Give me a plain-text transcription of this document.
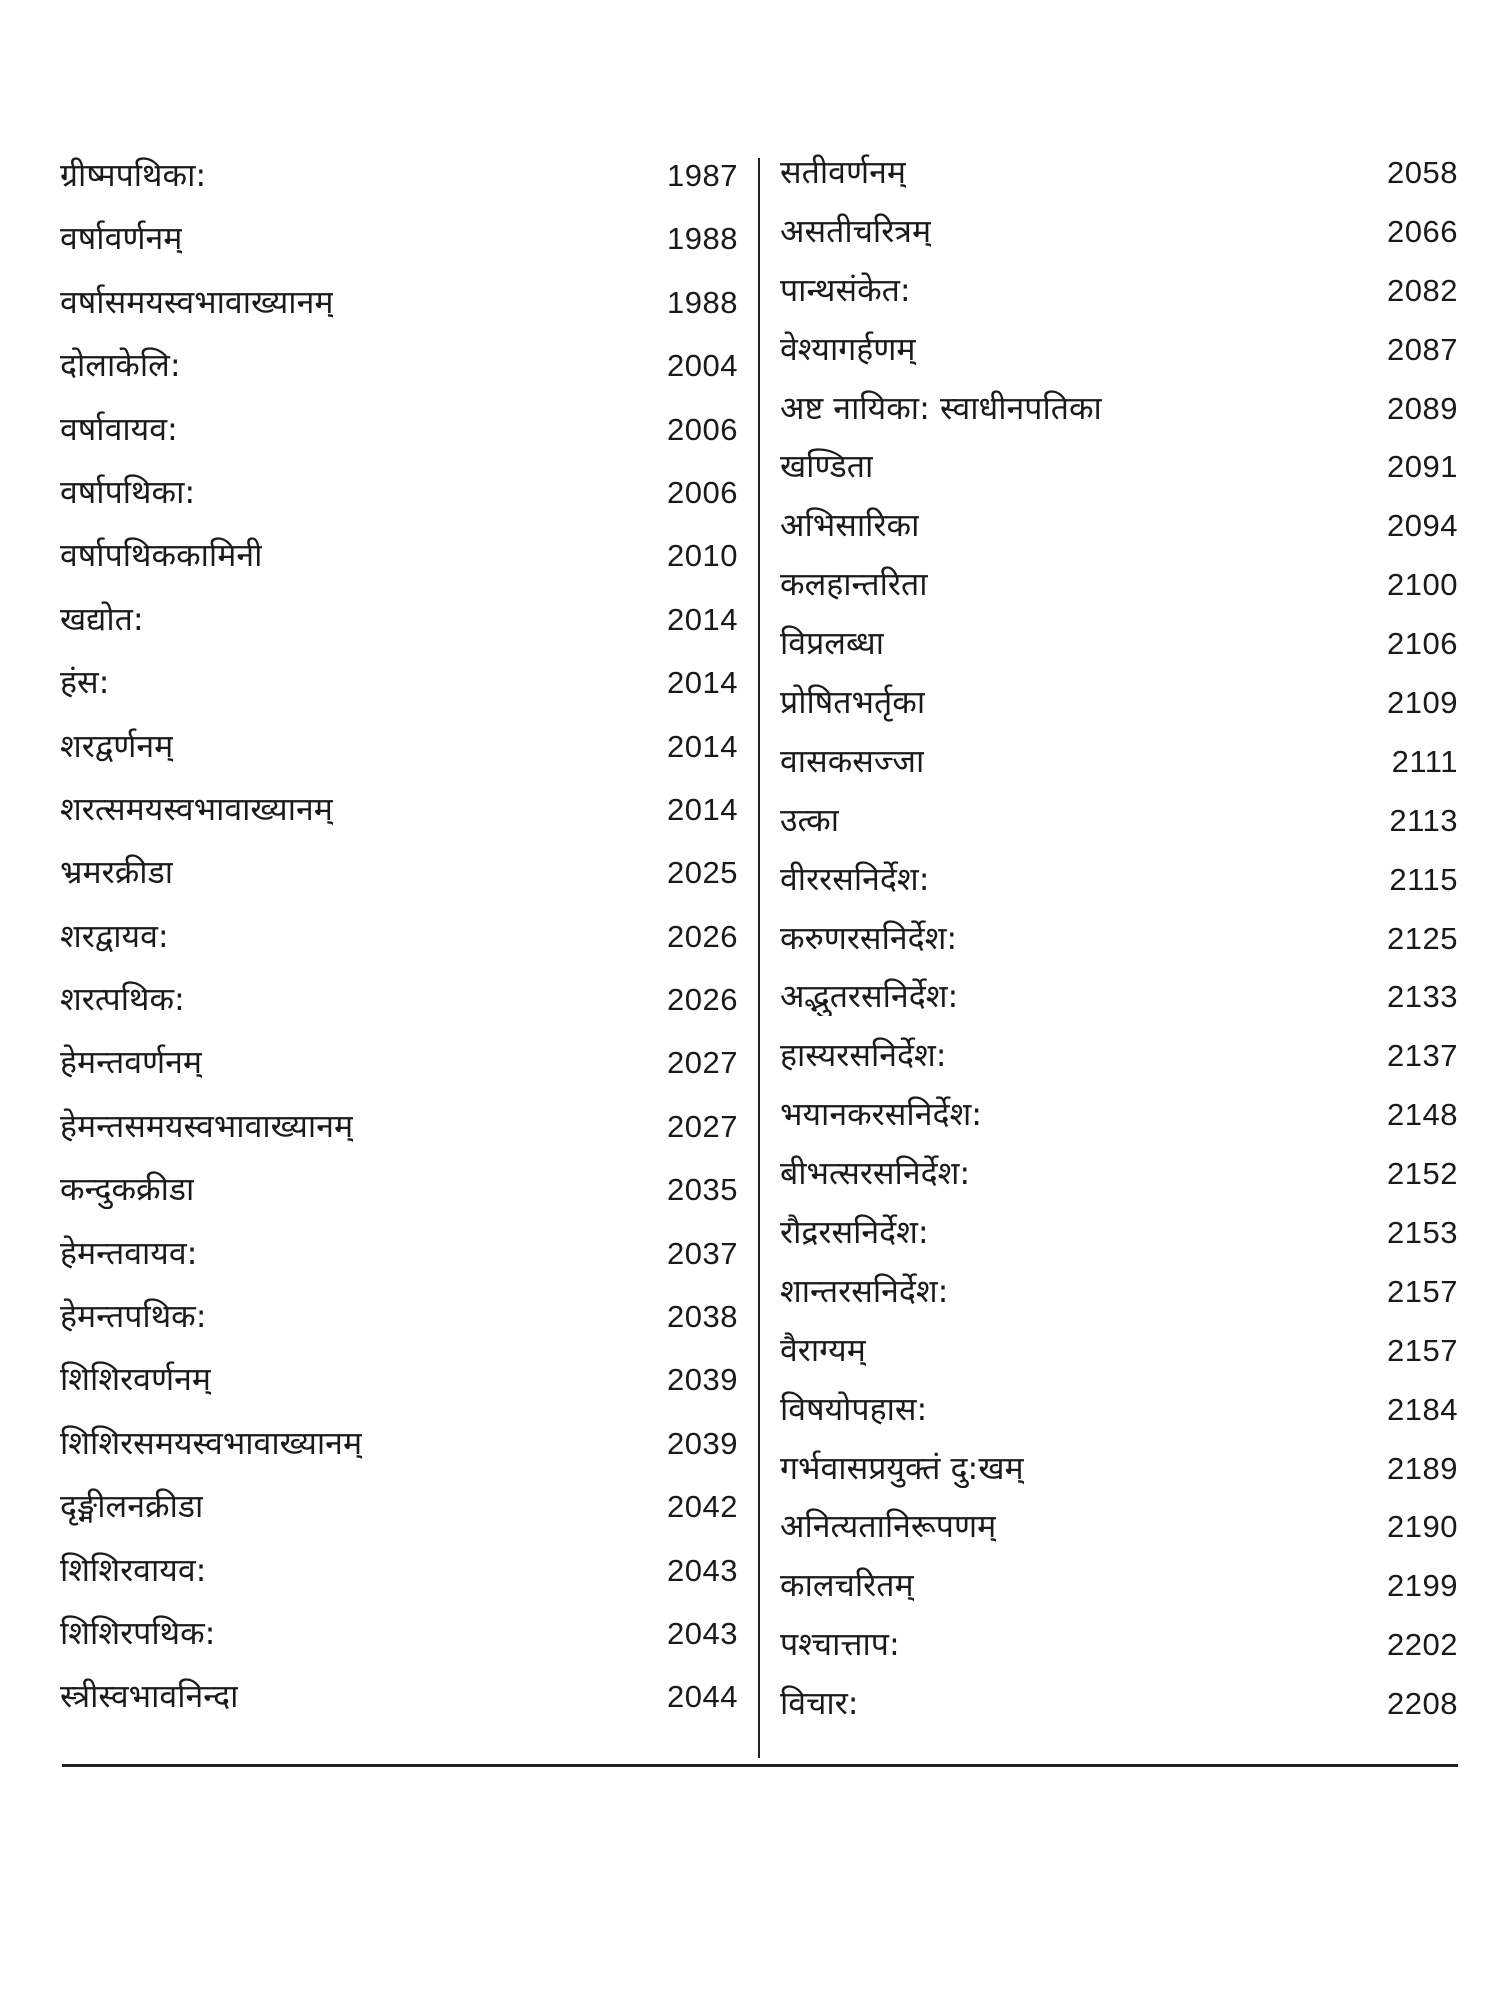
ग्रीष्मपथिका:	1987
वर्षावर्णनम्	1988
वर्षासमयस्वभावाख्यानम्	1988
दोलाकेलि:	2004
वर्षावायव:	2006
वर्षापथिका:	2006
वर्षापथिककामिनी	2010
खद्योत:	2014
हंस:	2014
शरद्वर्णनम्	2014
शरत्समयस्वभावाख्यानम्	2014
भ्रमरक्रीडा	2025
शरद्वायव:	2026
शरत्पथिक:	2026
हेमन्तवर्णनम्	2027
हेमन्तसमयस्वभावाख्यानम्	2027
कन्दुकक्रीडा	2035
हेमन्तवायव:	2037
हेमन्तपथिक:	2038
शिशिरवर्णनम्	2039
शिशिरसमयस्वभावाख्यानम्	2039
दृङ्मीलनक्रीडा	2042
शिशिरवायव:	2043
शिशिरपथिक:	2043
स्त्रीस्वभावनिन्दा	2044
सतीवर्णनम्	2058
असतीचरित्रम्	2066
पान्थसंकेत:	2082
वेश्यागर्हणम्	2087
अष्ट नायिका: स्वाधीनपतिका	2089
खण्डिता	2091
अभिसारिका	2094
कलहान्तरिता	2100
विप्रलब्धा	2106
प्रोषितभर्तृका	2109
वासकसज्जा	2111
उत्का	2113
वीररसनिर्देश:	2115
करुणरसनिर्देश:	2125
अद्भुतरसनिर्देश:	2133
हास्यरसनिर्देश:	2137
भयानकरसनिर्देश:	2148
बीभत्सरसनिर्देश:	2152
रौद्ररसनिर्देश:	2153
शान्तरसनिर्देश:	2157
वैराग्यम्	2157
विषयोपहास:	2184
गर्भवासप्रयुक्तं दु:खम्	2189
अनित्यतानिरूपणम्	2190
कालचरितम्	2199
पश्चात्ताप:	2202
विचार:	2208
